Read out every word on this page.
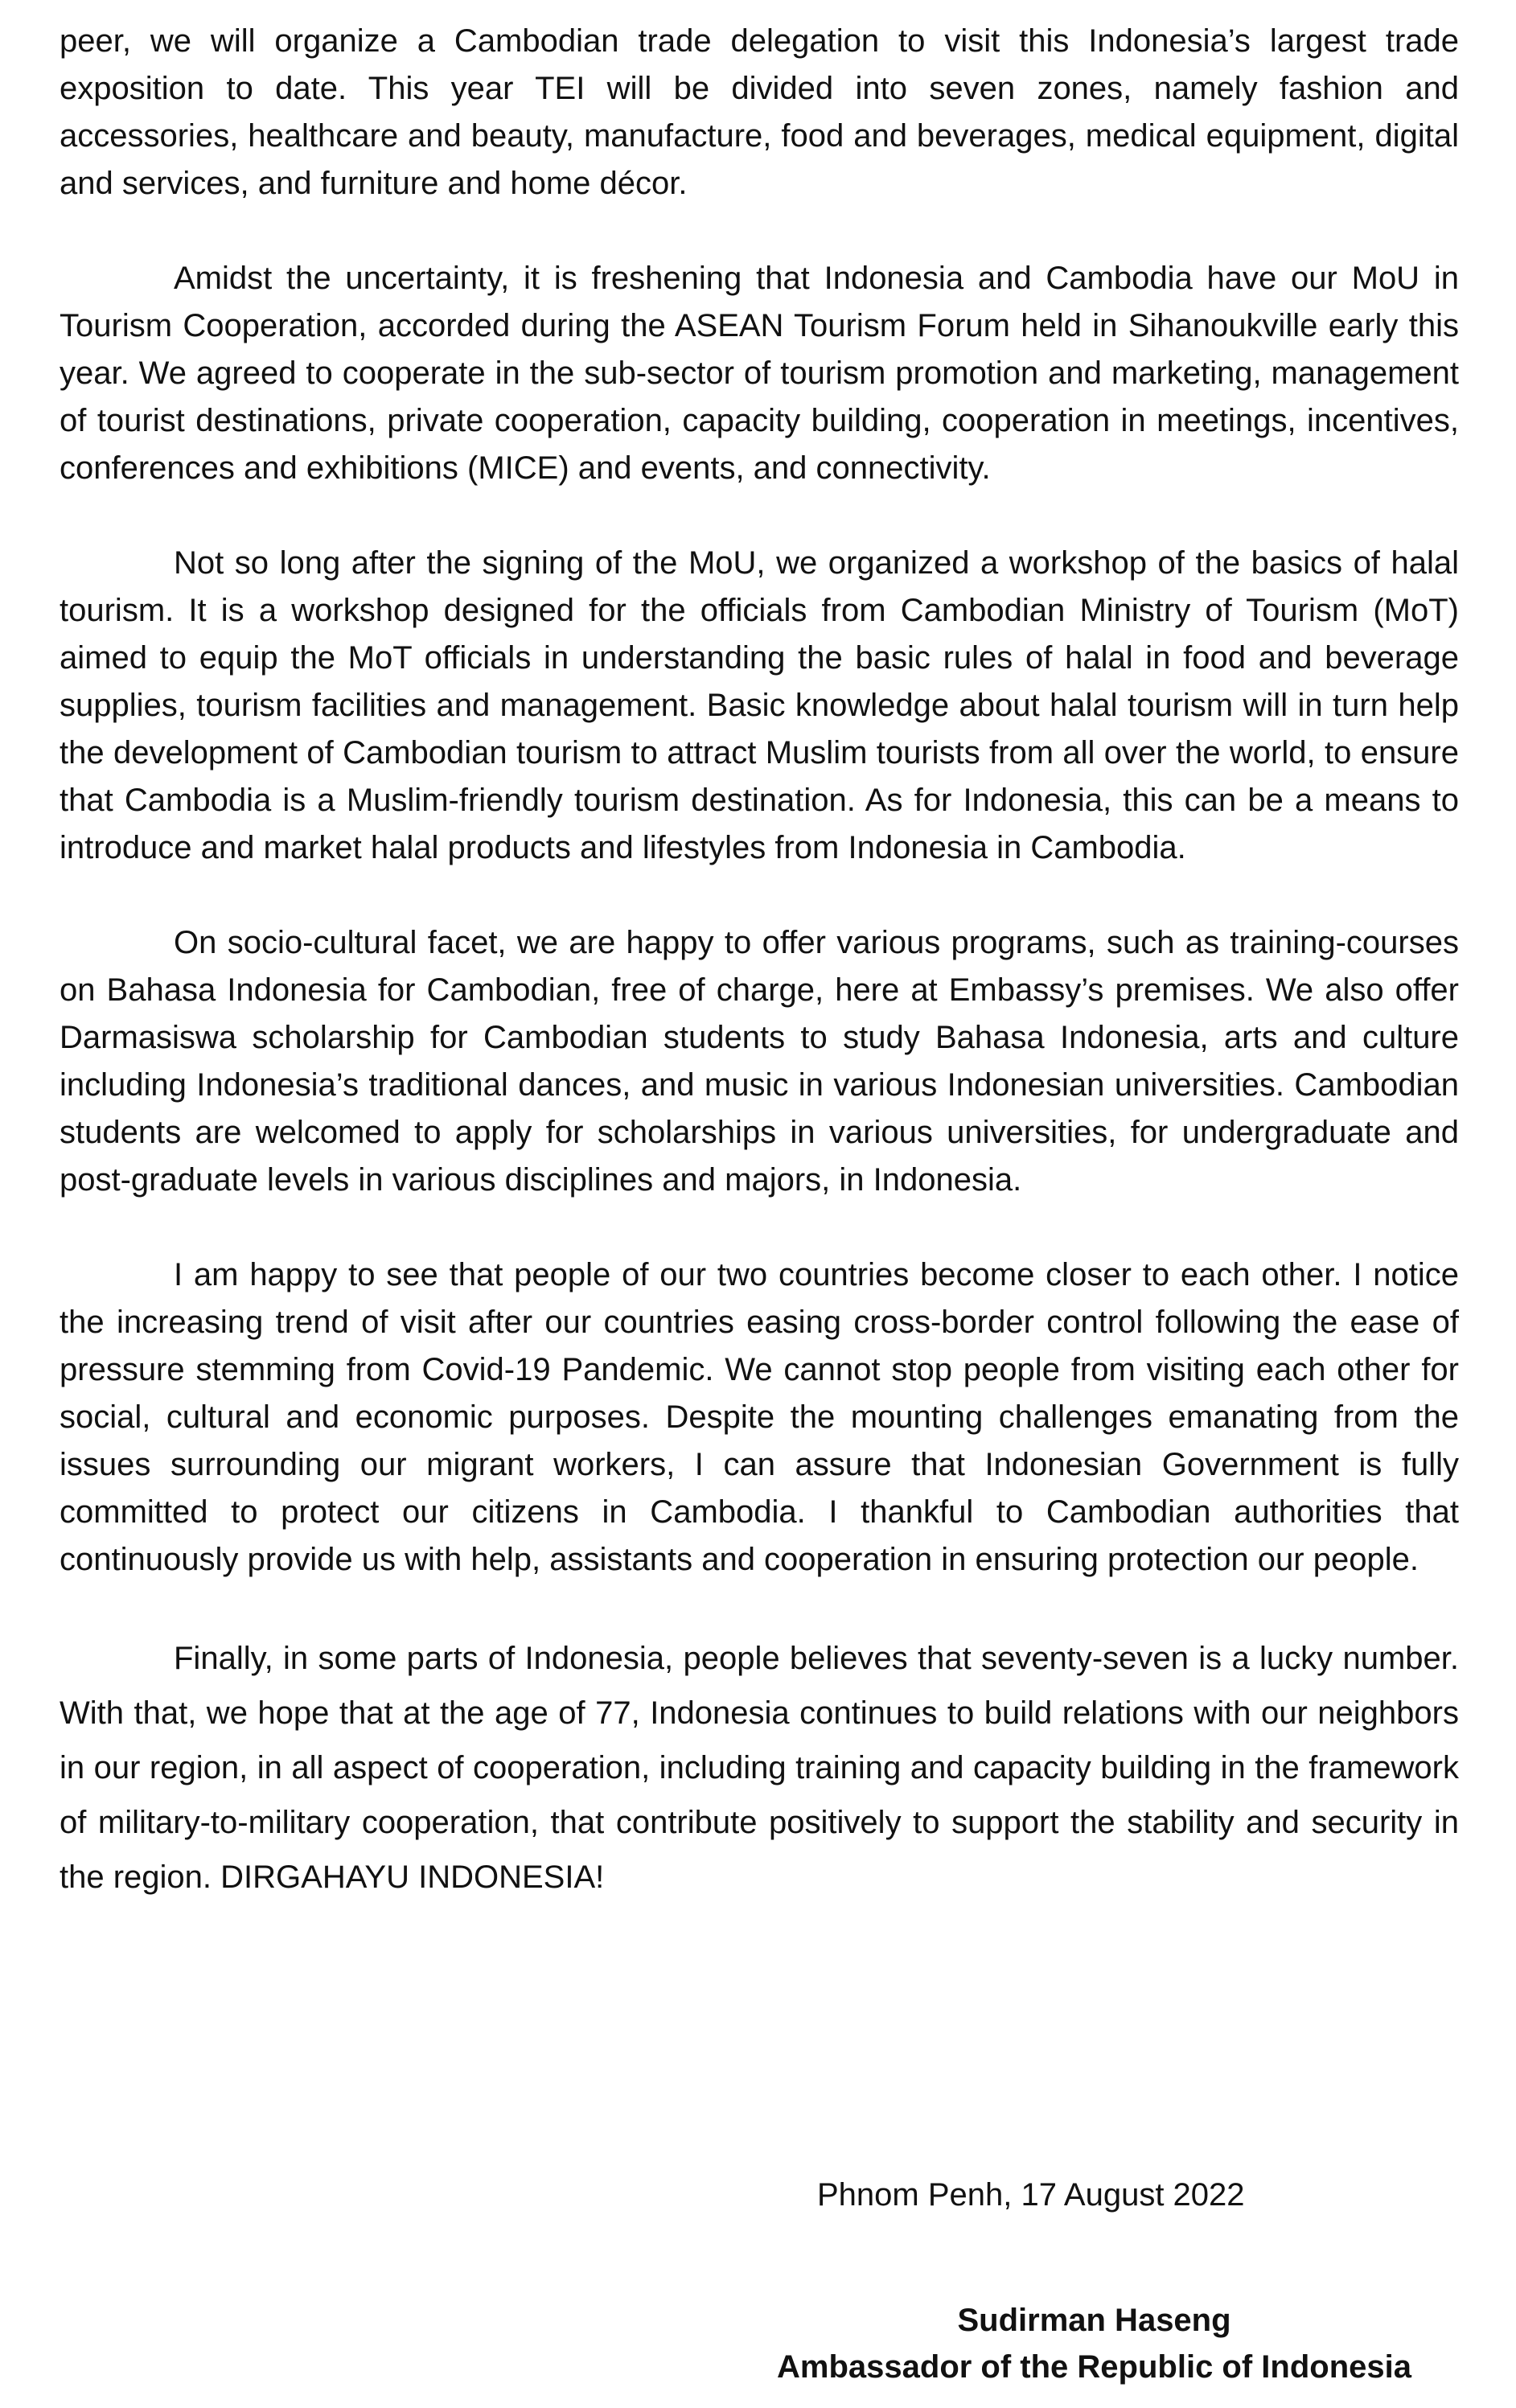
peer, we will organize a Cambodian trade delegation to visit this Indonesia’s largest trade exposition to date. This year TEI will be divided into seven zones, namely fashion and accessories, healthcare and beauty, manufacture, food and beverages, medical equipment, digital and services, and furniture and home décor.

Amidst the uncertainty, it is freshening that Indonesia and Cambodia have our MoU in Tourism Cooperation, accorded during the ASEAN Tourism Forum held in Sihanoukville early this year. We agreed to cooperate in the sub-sector of tourism promotion and marketing, management of tourist destinations, private cooperation, capacity building, cooperation in meetings, incentives, conferences and exhibitions (MICE) and events, and connectivity.

Not so long after the signing of the MoU, we organized a workshop of the basics of halal tourism. It is a workshop designed for the officials from Cambodian Ministry of Tourism (MoT) aimed to equip the MoT officials in understanding the basic rules of halal in food and beverage supplies, tourism facilities and management. Basic knowledge about halal tourism will in turn help the development of Cambodian tourism to attract Muslim tourists from all over the world, to ensure that Cambodia is a Muslim-friendly tourism destination. As for Indonesia, this can be a means to introduce and market halal products and lifestyles from Indonesia in Cambodia.

On socio-cultural facet, we are happy to offer various programs, such as training-courses on Bahasa Indonesia for Cambodian, free of charge, here at Embassy’s premises. We also offer Darmasiswa scholarship for Cambodian students to study Bahasa Indonesia, arts and culture including Indonesia’s traditional dances, and music in various Indonesian universities. Cambodian students are welcomed to apply for scholarships in various universities, for undergraduate and post-graduate levels in various disciplines and majors, in Indonesia.

I am happy to see that people of our two countries become closer to each other. I notice the increasing trend of visit after our countries easing cross-border control following the ease of pressure stemming from Covid-19 Pandemic. We cannot stop people from visiting each other for social, cultural and economic purposes. Despite the mounting challenges emanating from the issues surrounding our migrant workers, I can assure that Indonesian Government is fully committed to protect our citizens in Cambodia. I thankful to Cambodian authorities that continuously provide us with help, assistants and cooperation in ensuring protection our people.

Finally, in some parts of Indonesia, people believes that seventy-seven is a lucky number. With that, we hope that at the age of 77, Indonesia continues to build relations with our neighbors in our region, in all aspect of cooperation, including training and capacity building in the framework of military-to-military cooperation, that contribute positively to support the stability and security in the region. DIRGAHAYU INDONESIA!

Phnom Penh, 17 August 2022
Sudirman Haseng
Ambassador of the Republic of Indonesia
